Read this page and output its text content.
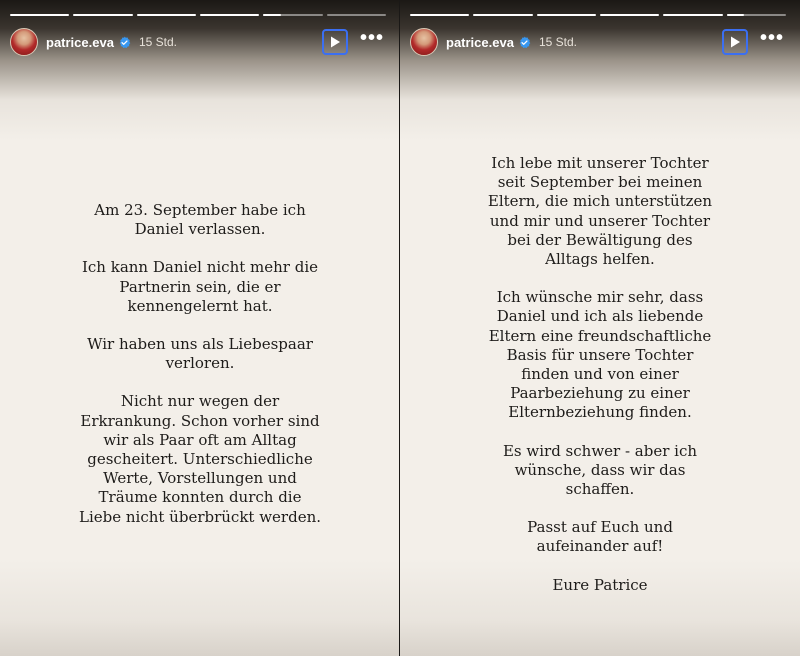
patrice.eva 15 Std.	•••

Am 23. September habe ich
Daniel verlassen.

Ich kann Daniel nicht mehr die
Partnerin sein, die er
kennengelernt hat.

Wir haben uns als Liebespaar
verloren.

Nicht nur wegen der
Erkrankung. Schon vorher sind
wir als Paar oft am Alltag
gescheitert. Unterschiedliche
Werte, Vorstellungen und
Träume konnten durch die
Liebe nicht überbrückt werden.

patrice.eva 15 Std.	•••

Ich lebe mit unserer Tochter
seit September bei meinen
Eltern, die mich unterstützen
und mir und unserer Tochter
bei der Bewältigung des
Alltags helfen.

Ich wünsche mir sehr, dass
Daniel und ich als liebende
Eltern eine freundschaftliche
Basis für unsere Tochter
finden und von einer
Paarbeziehung zu einer
Elternbeziehung finden.

Es wird schwer - aber ich
wünsche, dass wir das
schaffen.

Passt auf Euch und
aufeinander auf!

Eure Patrice
